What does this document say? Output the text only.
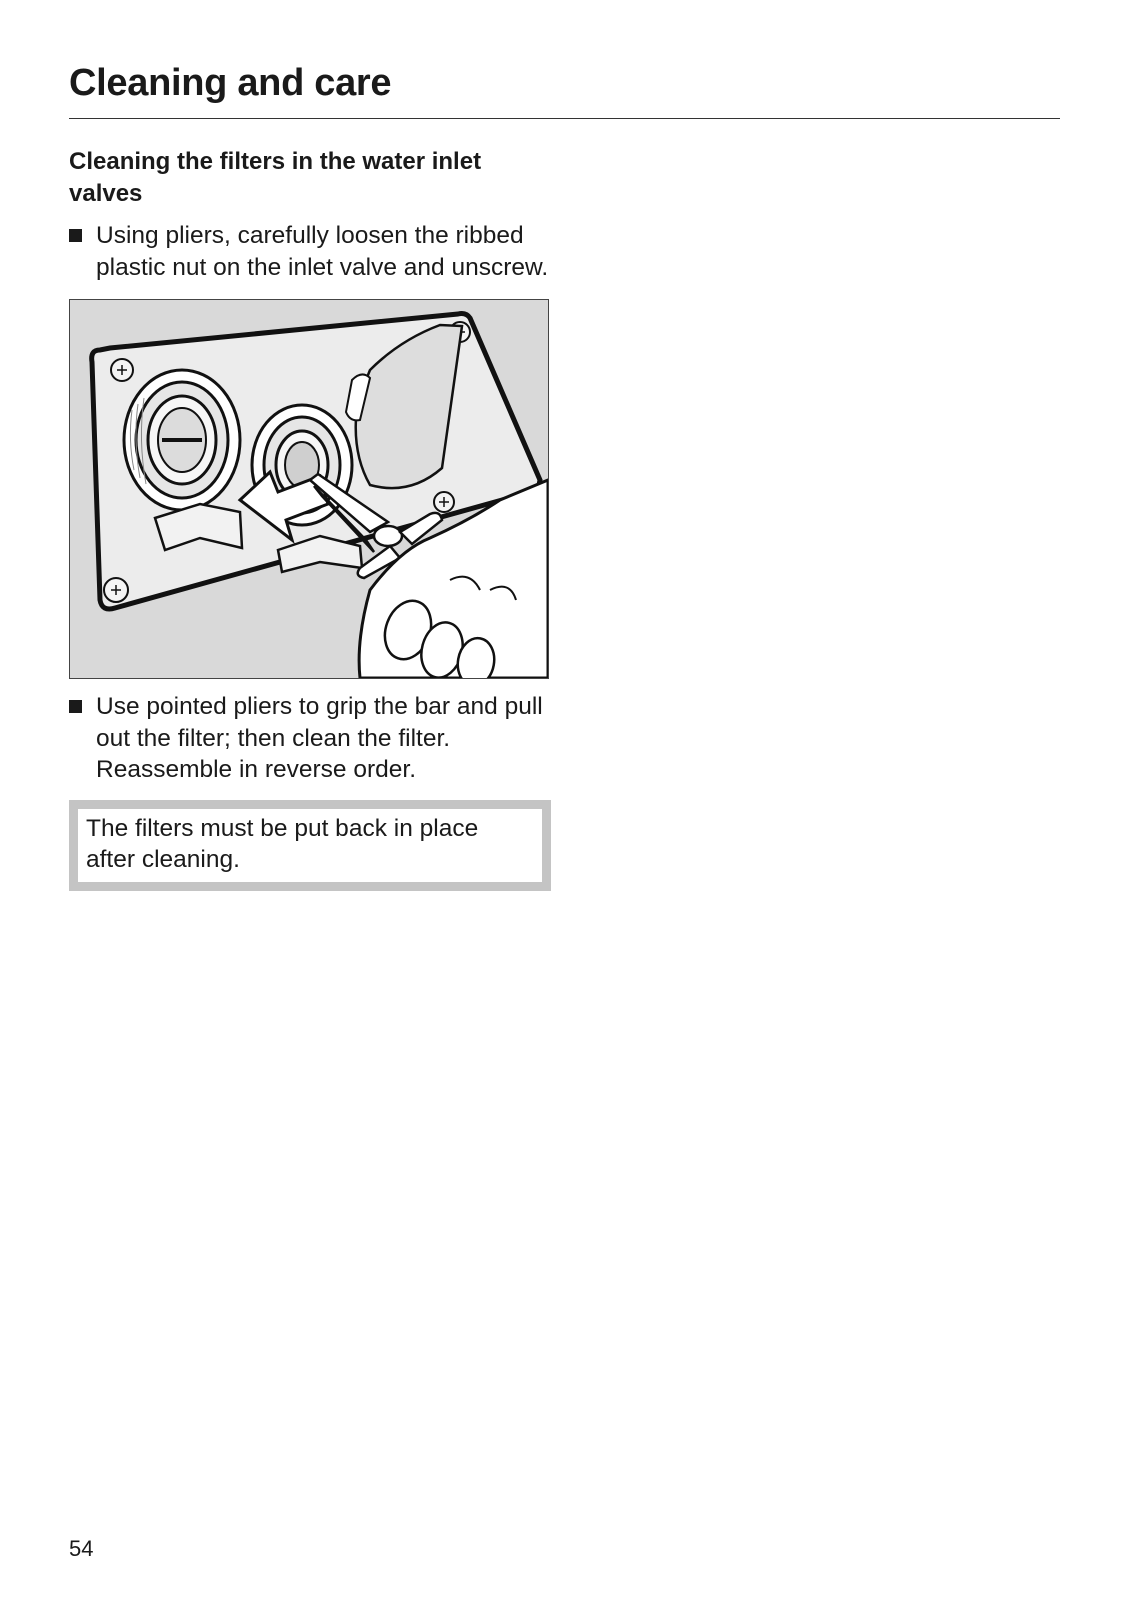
Cleaning and care
Cleaning the filters in the water inlet valves
Using pliers, carefully loosen the ribbed plastic nut on the inlet valve and unscrew.
Use pointed pliers to grip the bar and pull out the filter; then clean the filter. Reassemble in reverse order.
The filters must be put back in place after cleaning.
54
